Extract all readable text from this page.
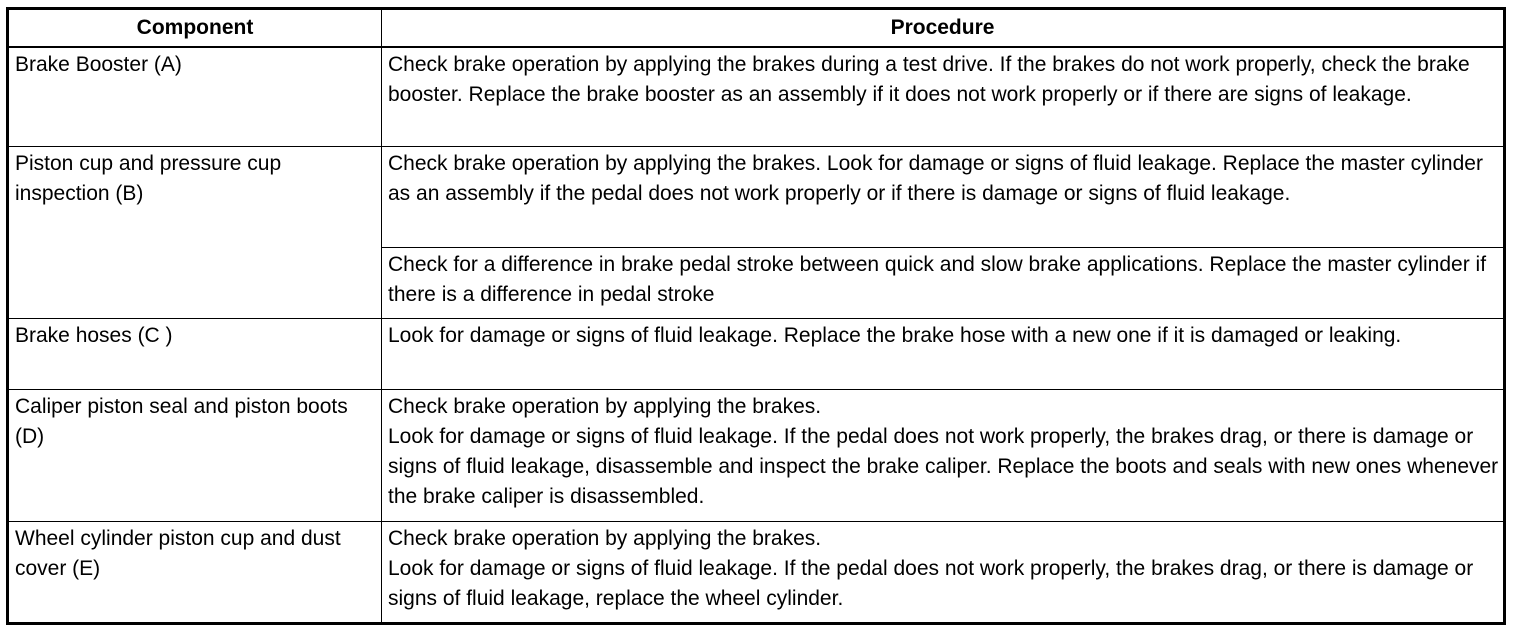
Component	Procedure
Brake Booster (A)	Check brake operation by applying the brakes during a test drive. If the brakes do not work properly, check the brake booster. Replace the brake booster as an assembly if it does not work properly or if there are signs of leakage.

Piston cup and pressure cup inspection (B)	Check brake operation by applying the brakes. Look for damage or signs of fluid leakage. Replace the master cylinder as an assembly if the pedal does not work properly or if there is damage or signs of fluid leakage.

	Check for a difference in brake pedal stroke between quick and slow brake applications. Replace the master cylinder if there is a difference in pedal stroke

Brake hoses (C )	Look for damage or signs of fluid leakage. Replace the brake hose with a new one if it is damaged or leaking.

Caliper piston seal and piston boots (D)	Check brake operation by applying the brakes.
Look for damage or signs of fluid leakage. If the pedal does not work properly, the brakes drag, or there is damage or signs of fluid leakage, disassemble and inspect the brake caliper. Replace the boots and seals with new ones whenever the brake caliper is disassembled.

Wheel cylinder piston cup and dust cover (E)	Check brake operation by applying the brakes.
Look for damage or signs of fluid leakage. If the pedal does not work properly, the brakes drag, or there is damage or signs of fluid leakage, replace the wheel cylinder.
